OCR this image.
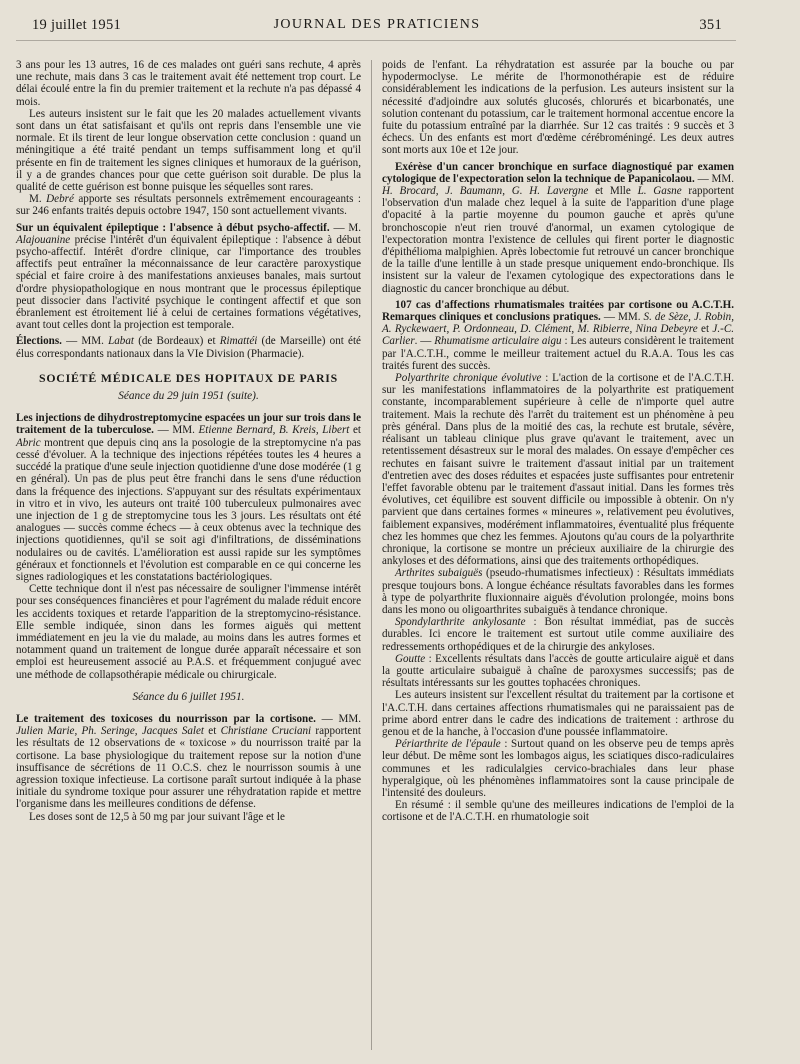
19 juillet 1951	JOURNAL DES PRATICIENS	351

3 ans pour les 13 autres, 16 de ces malades ont guéri sans rechute, 4 après une rechute, mais dans 3 cas le traitement avait été nettement trop court. Le délai écoulé entre la fin du premier traitement et la rechute n'a pas dépassé 4 mois.

Les auteurs insistent sur le fait que les 20 malades actuellement vivants sont dans un état satisfaisant et qu'ils ont repris dans l'ensemble une vie normale. Et ils tirent de leur longue observation cette conclusion : quand un méningitique a été traité pendant un temps suffisamment long et qu'il présente en fin de traitement les signes cliniques et humoraux de la guérison, il y a de grandes chances pour que cette guérison soit durable. De plus la qualité de cette guérison est bonne puisque les séquelles sont rares.

M. Debré apporte ses résultats personnels extrêmement encourageants : sur 246 enfants traités depuis octobre 1947, 150 sont actuellement vivants.

Sur un équivalent épileptique : l'absence à début psycho-affectif. — M. Alajouanine précise l'intérêt d'un équivalent épileptique : l'absence à début psycho-affectif. Intérêt d'ordre clinique, car l'importance des troubles affectifs peut entraîner la méconnaissance de leur caractère paroxystique spécial et faire croire à des manifestations anxieuses banales, mais surtout d'ordre physiopathologique en nous montrant que le processus épileptique peut dissocier dans l'activité psychique le contingent affectif et que son ébranlement est étroitement lié à celui de certaines formations végétatives, avant tout celles dont la projection est temporale.

Élections. — MM. Labat (de Bordeaux) et Rimattéi (de Marseille) ont été élus correspondants nationaux dans la VIe Division (Pharmacie).

SOCIÉTÉ MÉDICALE DES HOPITAUX DE PARIS
Séance du 29 juin 1951 (suite).

Les injections de dihydrostreptomycine espacées un jour sur trois dans le traitement de la tuberculose. — MM. Etienne Bernard, B. Kreis, Libert et Abric montrent que depuis cinq ans la posologie de la streptomycine n'a pas cessé d'évoluer. A la technique des injections répétées toutes les 4 heures a succédé la pratique d'une seule injection quotidienne d'une dose modérée (1 g en général). Un pas de plus peut être franchi dans le sens d'une réduction dans la fréquence des injections. S'appuyant sur des résultats expérimentaux in vitro et in vivo, les auteurs ont traité 100 tuberculeux pulmonaires avec une injection de 1 g de streptomycine tous les 3 jours. Les résultats ont été analogues — succès comme échecs — à ceux obtenus avec la technique des injections quotidiennes, qu'il se soit agi d'infiltrations, de disséminations nodulaires ou de cavités. L'amélioration est aussi rapide sur les symptômes généraux et fonctionnels et l'évolution est comparable en ce qui concerne les signes radiologiques et les constatations bactériologiques.

Cette technique dont il n'est pas nécessaire de souligner l'immense intérêt pour ses conséquences financières et pour l'agrément du malade réduit encore les accidents toxiques et retarde l'apparition de la streptomycino-résistance. Elle semble indiquée, sinon dans les formes aiguës qui mettent immédiatement en jeu la vie du malade, au moins dans les autres formes et notamment quand un traitement de longue durée apparaît nécessaire et son emploi est heureusement associé au P.A.S. et fréquemment conjugué avec une méthode de collapsothérapie médicale ou chirurgicale.

Séance du 6 juillet 1951.

Le traitement des toxicoses du nourrisson par la cortisone. — MM. Julien Marie, Ph. Seringe, Jacques Salet et Christiane Cruciani rapportent les résultats de 12 observations de « toxicose » du nourrisson traité par la cortisone. La base physiologique du traitement repose sur la notion d'une insuffisance de sécrétions de 11 O.C.S. chez le nourrisson soumis à une agression toxique infectieuse. La cortisone paraît surtout indiquée à la phase initiale du syndrome toxique pour assurer une réhydratation rapide et mettre l'organisme dans les meilleures conditions de défense.

Les doses sont de 12,5 à 50 mg par jour suivant l'âge et le

poids de l'enfant. La réhydratation est assurée par la bouche ou par hypodermoclyse. Le mérite de l'hormonothérapie est de réduire considérablement les indications de la perfusion. Les auteurs insistent sur la nécessité d'adjoindre aux solutés glucosés, chlorurés et bicarbonatés, une solution contenant du potassium, car le traitement hormonal accentue encore la fuite du potassium entraîné par la diarrhée. Sur 12 cas traités : 9 succès et 3 échecs. Un des enfants est mort d'œdème cérébroméningé. Les deux autres sont morts aux 10e et 12e jour.

Exérèse d'un cancer bronchique en surface diagnostiqué par examen cytologique de l'expectoration selon la technique de Papanicolaou. — MM. H. Brocard, J. Baumann, G. H. Lavergne et Mlle L. Gasne rapportent l'observation d'un malade chez lequel à la suite de l'apparition d'une plage d'opacité à la partie moyenne du poumon gauche et après qu'une bronchoscopie n'eut rien trouvé d'anormal, un examen cytologique de l'expectoration montra l'existence de cellules qui firent porter le diagnostic d'épithélioma malpighien. Après lobectomie fut retrouvé un cancer bronchique de la taille d'une lentille à un stade presque uniquement endo-bronchique. Ils insistent sur la valeur de l'examen cytologique des expectorations dans le diagnostic du cancer bronchique au début.

107 cas d'affections rhumatismales traitées par cortisone ou A.C.T.H. Remarques cliniques et conclusions pratiques. — MM. S. de Sèze, J. Robin, A. Ryckewaert, P. Ordonneau, D. Clément, M. Ribierre, Nina Debeyre et J.-C. Carlier. — Rhumatisme articulaire aigu : Les auteurs considèrent le traitement par l'A.C.T.H., comme le meilleur traitement actuel du R.A.A. Tous les cas traités furent des succès.

Polyarthrite chronique évolutive : L'action de la cortisone et de l'A.C.T.H. sur les manifestations inflammatoires de la polyarthrite est pratiquement constante, incomparablement supérieure à celle de n'importe quel autre traitement. Mais la rechute dès l'arrêt du traitement est un phénomène à peu près général. Dans plus de la moitié des cas, la rechute est brutale, sévère, réalisant un tableau clinique plus grave qu'avant le traitement, avec un retentissement désastreux sur le moral des malades. On essaye d'empêcher ces rechutes en faisant suivre le traitement d'assaut initial par un traitement d'entretien avec des doses réduites et espacées juste suffisantes pour entretenir l'effet favorable obtenu par le traitement d'assaut initial. Dans les formes très évolutives, cet équilibre est souvent difficile ou impossible à obtenir. On n'y parvient que dans certaines formes « mineures », relativement peu évolutives, faiblement expansives, modérément inflammatoires, éventualité plus fréquente chez les hommes que chez les femmes. Ajoutons qu'au cours de la polyarthrite chronique, la cortisone se montre un précieux auxiliaire de la chirurgie des ankyloses et des déformations, ainsi que des traitements orthopédiques.

Arthrites subaiguës (pseudo-rhumatismes infectieux) : Résultats immédiats presque toujours bons. A longue échéance résultats favorables dans les formes à type de polyarthrite fluxionnaire aiguës d'évolution prolongée, moins bons dans les mono ou oligoarthrites subaiguës à tendance chronique.

Spondylarthrite ankylosante : Bon résultat immédiat, pas de succès durables. Ici encore le traitement est surtout utile comme auxiliaire des redressements orthopédiques et de la chirurgie des ankyloses.

Goutte : Excellents résultats dans l'accès de goutte articulaire aiguë et dans la goutte articulaire subaiguë à chaîne de paroxysmes successifs; pas de résultats intéressants sur les gouttes tophacées chroniques.

Les auteurs insistent sur l'excellent résultat du traitement par la cortisone et l'A.C.T.H. dans certaines affections rhumatismales qui ne paraissaient pas de prime abord entrer dans le cadre des indications de traitement : arthrose du genou et de la hanche, à l'occasion d'une poussée inflammatoire.

Périarthrite de l'épaule : Surtout quand on les observe peu de temps après leur début. De même sont les lombagos aigus, les sciatiques disco-radiculaires communes et les radiculalgies cervico-brachiales dans leur phase hyperalgique, où les phénomènes inflammatoires sont la cause principale de l'intensité des douleurs.

En résumé : il semble qu'une des meilleures indications de l'emploi de la cortisone et de l'A.C.T.H. en rhumatologie soit
